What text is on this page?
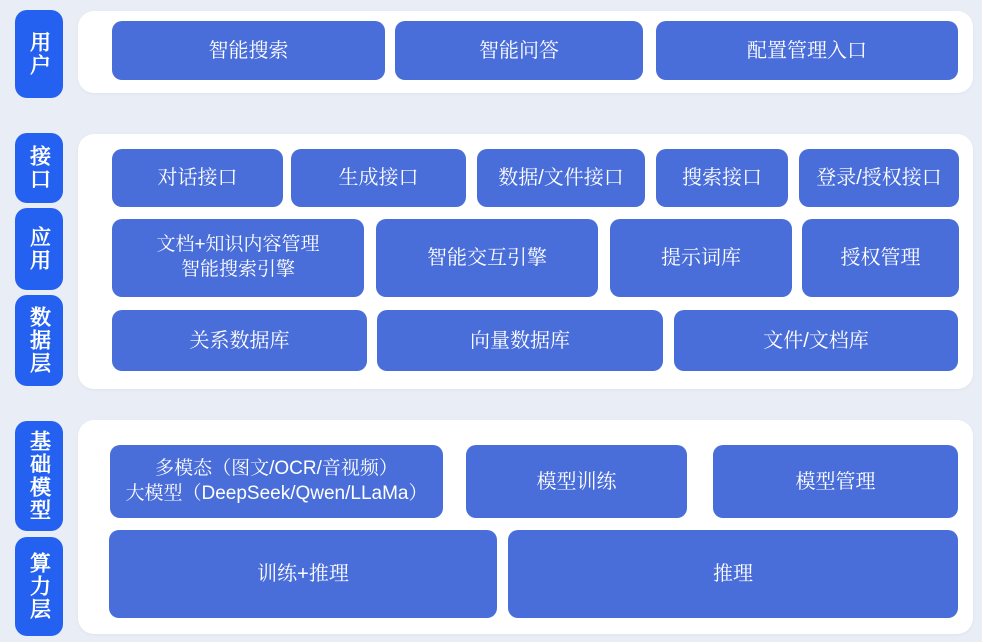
用户
接口
应用
数据层
基础模型
算力层
智能搜索	智能问答	配置管理入口
对话接口	生成接口	数据/文件接口	搜索接口	登录/授权接口
文档+知识内容管理
智能搜索引擎
智能交互引擎	提示词库	授权管理
关系数据库	向量数据库	文件/文档库
多模态（图文/OCR/音视频）
大模型（DeepSeek/Qwen/LLaMa）
模型训练	模型管理
训练+推理	推理
